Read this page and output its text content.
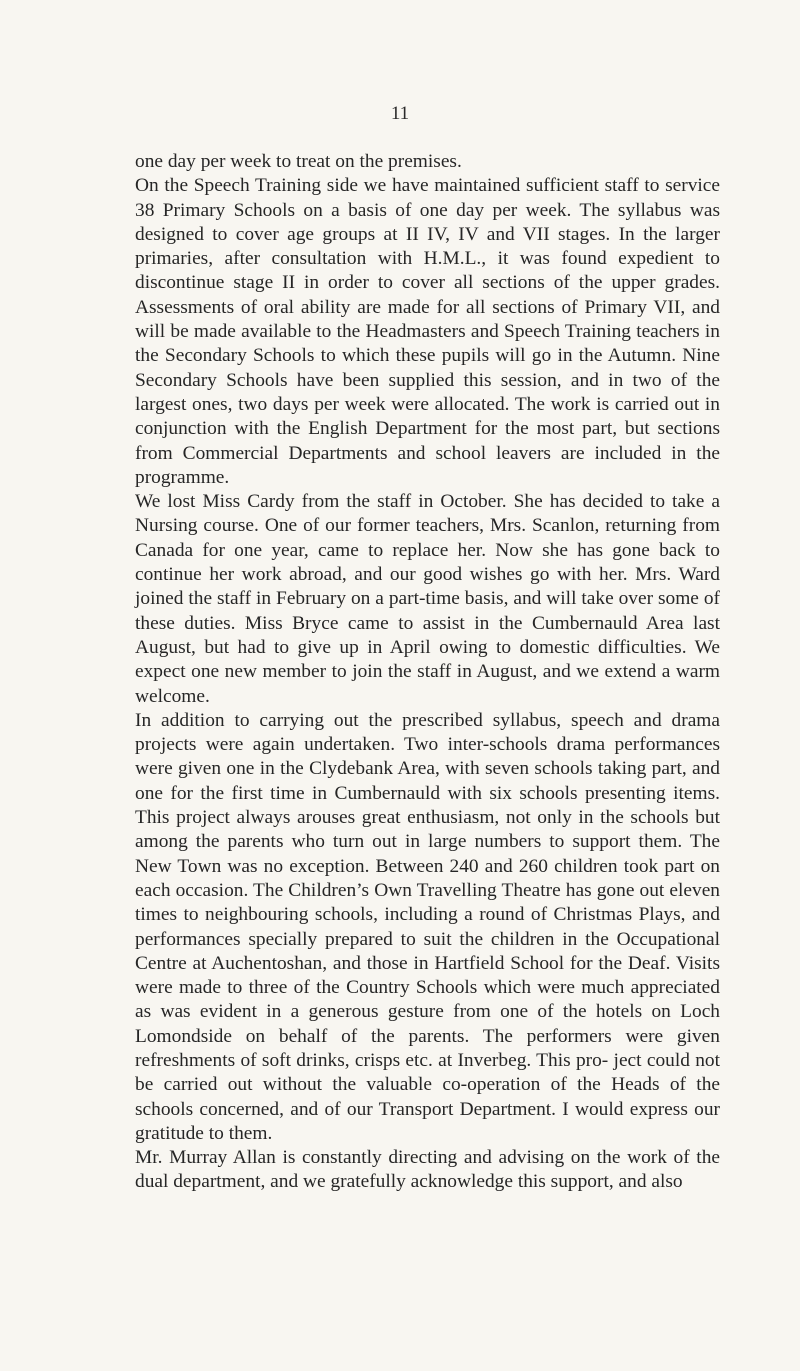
11

one day per week to treat on the premises.

On the Speech Training side we have maintained sufficient staff to service 38 Primary Schools on a basis of one day per week. The syllabus was designed to cover age groups at II IV, IV and VII stages. In the larger primaries, after consultation with H.M.L., it was found expedient to discontinue stage II in order to cover all sections of the upper grades. Assessments of oral ability are made for all sections of Primary VII, and will be made available to the Headmasters and Speech Training teachers in the Secondary Schools to which these pupils will go in the Autumn. Nine Secondary Schools have been supplied this session, and in two of the largest ones, two days per week were allocated. The work is carried out in conjunction with the English Department for the most part, but sections from Commercial Departments and school leavers are included in the programme.

We lost Miss Cardy from the staff in October. She has decided to take a Nursing course. One of our former teachers, Mrs. Scanlon, returning from Canada for one year, came to replace her. Now she has gone back to continue her work abroad, and our good wishes go with her. Mrs. Ward joined the staff in February on a part-time basis, and will take over some of these duties. Miss Bryce came to assist in the Cumbernauld Area last August, but had to give up in April owing to domestic difficulties. We expect one new member to join the staff in August, and we extend a warm welcome.

In addition to carrying out the prescribed syllabus, speech and drama projects were again undertaken. Two inter-schools drama performances were given one in the Clydebank Area, with seven schools taking part, and one for the first time in Cumbernauld with six schools presenting items. This project always arouses great enthusiasm, not only in the schools but among the parents who turn out in large numbers to support them. The New Town was no exception. Between 240 and 260 children took part on each occasion. The Children’s Own Travelling Theatre has gone out eleven times to neighbouring schools, including a round of Christmas Plays, and performances specially prepared to suit the children in the Occupational Centre at Auchentoshan, and those in Hartfield School for the Deaf. Visits were made to three of the Country Schools which were much appreciated as was evident in a generous gesture from one of the hotels on Loch Lomondside on behalf of the parents. The performers were given refreshments of soft drinks, crisps etc. at Inverbeg. This pro- ject could not be carried out without the valuable co-operation of the Heads of the schools concerned, and of our Transport Department. I would express our gratitude to them.

Mr. Murray Allan is constantly directing and advising on the work of the dual department, and we gratefully acknowledge this support, and also
